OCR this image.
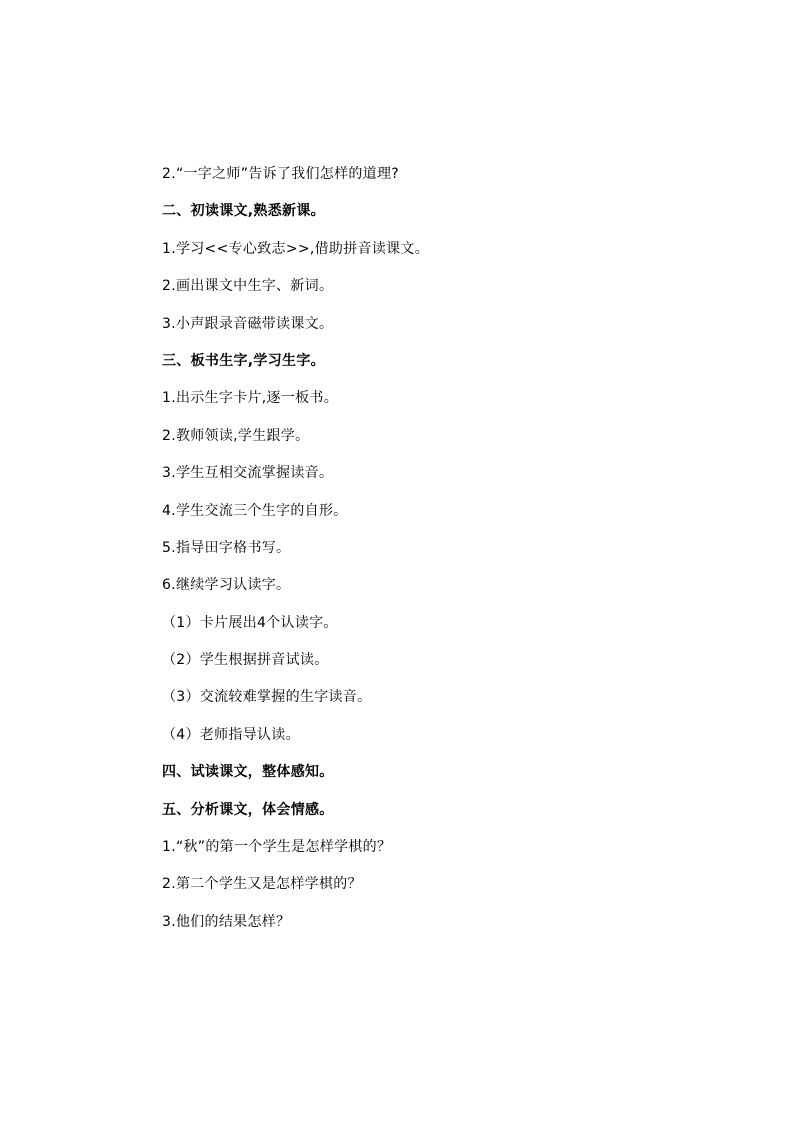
2.“一字之师”告诉了我们怎样的道理?
二、初读课文,熟悉新课。
1.学习<<专心致志>>,借助拼音读课文。
2.画出课文中生字、新词。
3.小声跟录音磁带读课文。
三、板书生字,学习生字。
1.出示生字卡片,逐一板书。
2.教师领读,学生跟学。
3.学生互相交流掌握读音。
4.学生交流三个生字的自形。
5.指导田字格书写。
6.继续学习认读字。
（1）卡片展出4个认读字。
（2）学生根据拼音试读。
（3）交流较难掌握的生字读音。
（4）老师指导认读。
四、试读课文，整体感知。
五、分析课文，体会情感。
1.“秋”的第一个学生是怎样学棋的？
2.第二个学生又是怎样学棋的？
3.他们的结果怎样？
